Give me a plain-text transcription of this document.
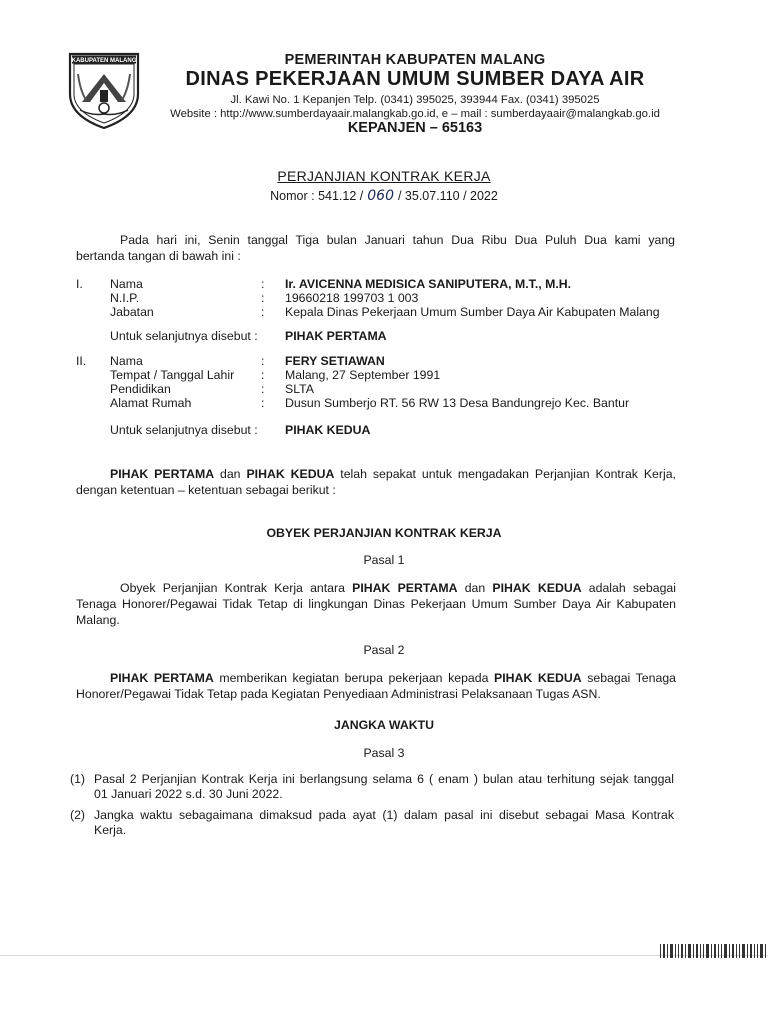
KABUPATEN MALANG	PEMERINTAH KABUPATEN MALANG
DINAS PEKERJAAN UMUM SUMBER DAYA AIR
Jl. Kawi No. 1 Kepanjen Telp. (0341) 395025, 393944 Fax. (0341) 395025
Website : http://www.sumberdayaair.malangkab.go.id, e – mail : sumberdayaair@malangkab.go.id
KEPANJEN – 65163
PERJANJIAN KONTRAK KERJA
Nomor : 541.12 / 060 / 35.07.110 / 2022
Pada hari ini, Senin tanggal Tiga bulan Januari tahun Dua Ribu Dua Puluh Dua kami yang
bertanda tangan di bawah ini :
I. Nama	: Ir. AVICENNA MEDISICA SANIPUTERA, M.T., M.H.
N.I.P.	: 19660218 199703 1 003
Jabatan	: Kepala Dinas Pekerjaan Umum Sumber Daya Air Kabupaten Malang
Untuk selanjutnya disebut : PIHAK PERTAMA
II. Nama	: FERY SETIAWAN
Tempat / Tanggal Lahir : Malang, 27 September 1991
Pendidikan	: SLTA
Alamat Rumah	: Dusun Sumberjo RT. 56 RW 13 Desa Bandungrejo Kec. Bantur
Untuk selanjutnya disebut : PIHAK KEDUA
PIHAK PERTAMA dan PIHAK KEDUA telah sepakat untuk mengadakan Perjanjian Kontrak Kerja,
dengan ketentuan – ketentuan sebagai berikut :
OBYEK PERJANJIAN KONTRAK KERJA
Pasal 1
Obyek Perjanjian Kontrak Kerja antara PIHAK PERTAMA dan PIHAK KEDUA adalah sebagai
Tenaga Honorer/Pegawai Tidak Tetap di lingkungan Dinas Pekerjaan Umum Sumber Daya Air Kabupaten
Malang.
Pasal 2
PIHAK PERTAMA memberikan kegiatan berupa pekerjaan kepada PIHAK KEDUA sebagai Tenaga
Honorer/Pegawai Tidak Tetap pada Kegiatan Penyediaan Administrasi Pelaksanaan Tugas ASN.
JANGKA WAKTU
Pasal 3
(1) Pasal 2 Perjanjian Kontrak Kerja ini berlangsung selama 6 ( enam ) bulan atau terhitung sejak tanggal
01 Januari 2022 s.d. 30 Juni 2022.
(2) Jangka waktu sebagaimana dimaksud pada ayat (1) dalam pasal ini disebut sebagai Masa Kontrak
Kerja.
